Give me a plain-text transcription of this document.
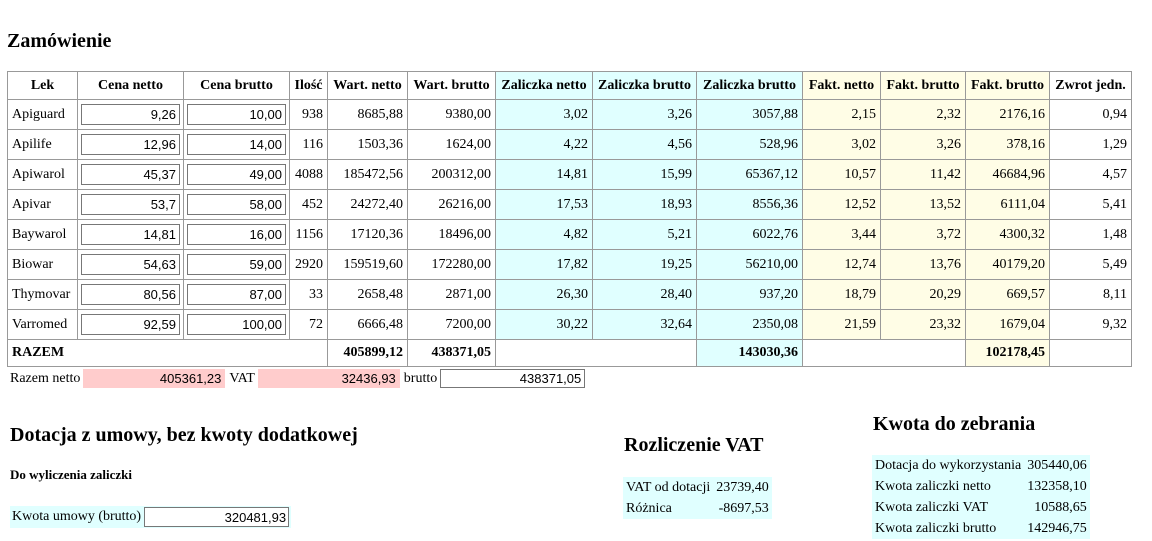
Zamówienie
Lek	Cena netto	Cena brutto	Ilość	Wart. netto	Wart. brutto	Zaliczka netto	Zaliczka brutto	Zaliczka brutto	Fakt. netto	Fakt. brutto	Fakt. brutto	Zwrot jedn.
Apiguard	9,26	10,00	938	8685,88	9380,00	3,02	3,26	3057,88	2,15	2,32	2176,16	0,94
Apilife	12,96	14,00	116	1503,36	1624,00	4,22	4,56	528,96	3,02	3,26	378,16	1,29
Apiwarol	45,37	49,00	4088	185472,56	200312,00	14,81	15,99	65367,12	10,57	11,42	46684,96	4,57
Apivar	53,7	58,00	452	24272,40	26216,00	17,53	18,93	8556,36	12,52	13,52	6111,04	5,41
Baywarol	14,81	16,00	1156	17120,36	18496,00	4,82	5,21	6022,76	3,44	3,72	4300,32	1,48
Biowar	54,63	59,00	2920	159519,60	172280,00	17,82	19,25	56210,00	12,74	13,76	40179,20	5,49
Thymovar	80,56	87,00	33	2658,48	2871,00	26,30	28,40	937,20	18,79	20,29	669,57	8,11
Varromed	92,59	100,00	72	6666,48	7200,00	30,22	32,64	2350,08	21,59	23,32	1679,04	9,32
RAZEM				405899,12	438371,05			143030,36			102178,45	
Razem netto
405361,23	VAT
32436,93	brutto
438371,05
Dotacja z umowy, bez kwoty dodatkowej
Do wyliczenia zaliczki
Kwota umowy (brutto)
320481,93
Rozliczenie VAT
VAT od dotacji	23739,40
Różnica	-8697,53
Kwota do zebrania
Dotacja do wykorzystania	305440,06
Kwota zaliczki netto	132358,10
Kwota zaliczki VAT	10588,65
Kwota zaliczki brutto	142946,75
